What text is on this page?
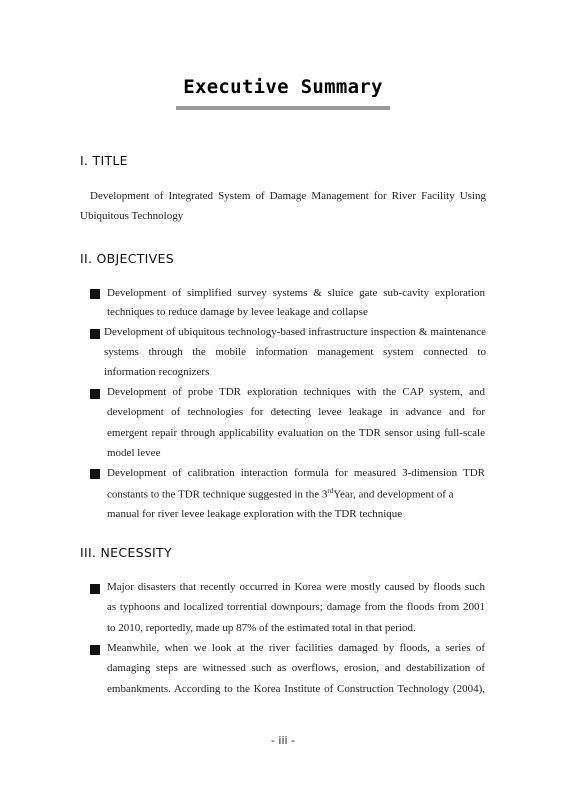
Executive Summary
I. TITLE
Development of Integrated System of Damage Management for River Facility Using
Ubiquitous Technology
II. OBJECTIVES
Development of simplified survey systems & sluice gate sub-cavity exploration
techniques to reduce damage by levee leakage and collapse
Development of ubiquitous technology-based infrastructure inspection & maintenance
systems through the mobile information management system connected to
information recognizers
Development of probe TDR exploration techniques with the CAP system, and
development of technologies for detecting levee leakage in advance and for
emergent repair through applicability evaluation on the TDR sensor using full-scale
model levee
Development of calibration interaction formula for measured 3-dimension TDR
constants to the TDR technique suggested in the 3rdYear, and development of a
manual for river levee leakage exploration with the TDR technique
III. NECESSITY
Major disasters that recently occurred in Korea were mostly caused by floods such
as typhoons and localized torrential downpours; damage from the floods from 2001
to 2010, reportedly, made up 87% of the estimated total in that period.
Meanwhile, when we look at the river facilities damaged by floods, a series of
damaging steps are witnessed such as overflows, erosion, and destabilization of
embankments. According to the Korea Institute of Construction Technology (2004),
- iii -
